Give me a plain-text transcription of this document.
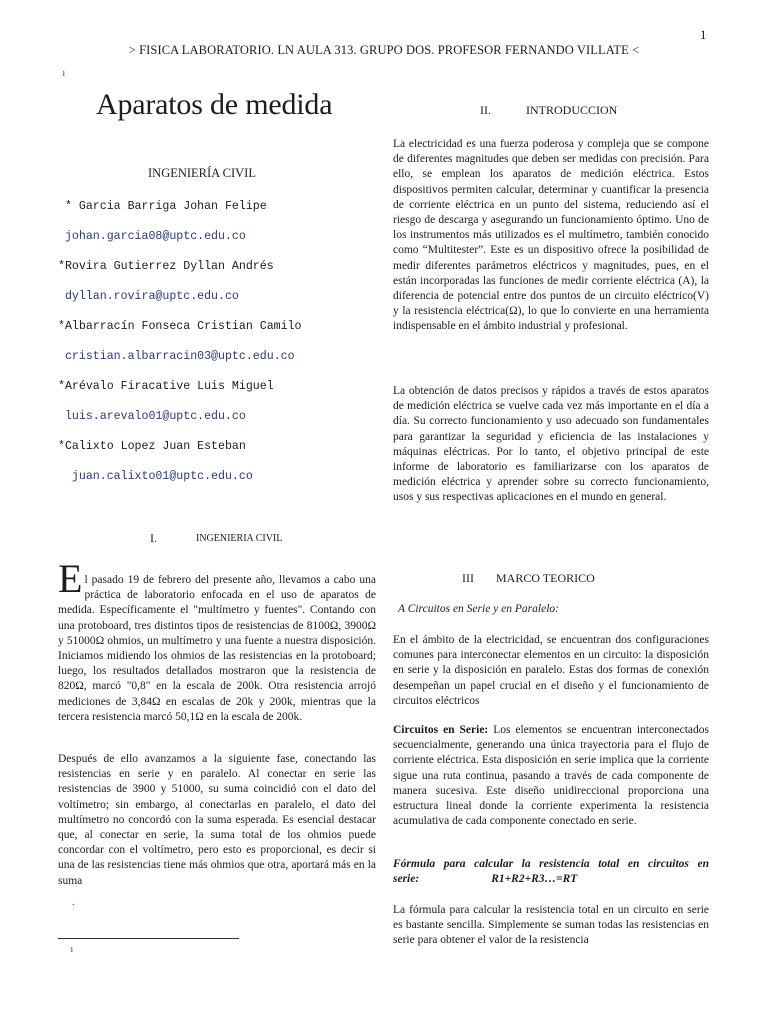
1
> FISICA LABORATORIO. LN AULA 313. GRUPO DOS. PROFESOR FERNANDO VILLATE <
1
Aparatos de medida
INGENIERÍA CIVIL
* Garcia Barriga Johan Felipe
johan.garcia08@uptc.edu.co
*Rovira Gutierrez Dyllan Andrés
dyllan.rovira@uptc.edu.co
*Albarracín Fonseca Cristian Camilo
cristian.albarracin03@uptc.edu.co
*Arévalo Firacative Luis Miguel
luis.arevalo01@uptc.edu.co
*Calixto Lopez Juan Esteban
juan.calixto01@uptc.edu.co
I.	INGENIERIA CIVIL

E l pasado 19 de febrero del presente año, llevamos a cabo una práctica de laboratorio enfocada en el uso de aparatos de medida. Específicamente el "multímetro y fuentes". Contando con una protoboard, tres distintos tipos de resistencias de 8100Ω, 3900Ω y 51000Ω ohmios, un multímetro y una fuente a nuestra disposición. Iniciamos midiendo los ohmios de las resistencias en la protoboard; luego, los resultados detallados mostraron que la resistencia de 820Ω, marcó "0,8" en la escala de 200k. Otra resistencia arrojó mediciones de 3,84Ω en escalas de 20k y 200k, mientras que la tercera resistencia marcó 50,1Ω en la escala de 200k.

Después de ello avanzamos a la siguiente fase, conectando las resistencias en serie y en paralelo. Al conectar en serie las resistencias de 3900 y 51000, su suma coincidió con el dato del voltímetro; sin embargo, al conectarlas en paralelo, el dato del multímetro no concordó con la suma esperada. Es esencial destacar que, al conectar en serie, la suma total de los ohmios puede concordar con el voltímetro, pero esto es proporcional, es decir si una de las resistencias tiene más ohmios que otra, aportará más en la suma

.
1
II.	INTRODUCCION

La electricidad es una fuerza poderosa y compleja que se compone de diferentes magnitudes que deben ser medidas con precisión. Para ello, se emplean los aparatos de medición eléctrica. Estos dispositivos permiten calcular, determinar y cuantificar la presencia de corriente eléctrica en un punto del sistema, reduciendo así el riesgo de descarga y asegurando un funcionamiento óptimo. Uno de los instrumentos más utilizados es el multímetro, también conocido como “Multitester”. Este es un dispositivo ofrece la posibilidad de medir diferentes parámetros eléctricos y magnitudes, pues, en el están incorporadas las funciones de medir corriente eléctrica (A), la diferencia de potencial entre dos puntos de un circuito eléctrico(V) y la resistencia eléctrica(Ω), lo que lo convierte en una herramienta indispensable en el ámbito industrial y profesional.

La obtención de datos precisos y rápidos a través de estos aparatos de medición eléctrica se vuelve cada vez más importante en el día a día. Su correcto funcionamiento y uso adecuado son fundamentales para garantizar la seguridad y eficiencia de las instalaciones y máquinas eléctricas. Por lo tanto, el objetivo principal de este informe de laboratorio es familiarizarse con los aparatos de medición eléctrica y aprender sobre su correcto funcionamiento, usos y sus respectivas aplicaciones en el mundo en general.

III MARCO TEORICO
A Circuitos en Serie y en Paralelo:

En el ámbito de la electricidad, se encuentran dos configuraciones comunes para interconectar elementos en un circuito: la disposición en serie y la disposición en paralelo. Estas dos formas de conexión desempeñan un papel crucial en el diseño y el funcionamiento de circuitos eléctricos

Circuitos en Serie: Los elementos se encuentran interconectados secuencialmente, generando una única trayectoria para el flujo de corriente eléctrica. Esta disposición en serie implica que la corriente sigue una ruta continua, pasando a través de cada componente de manera sucesiva. Este diseño unidireccional proporciona una estructura lineal donde la corriente experimenta la resistencia acumulativa de cada componente conectado en serie.

Fórmula para calcular la resistencia total en circuitos en serie:	R1+R2+R3…=RT

La fórmula para calcular la resistencia total en un circuito en serie es bastante sencilla. Simplemente se suman todas las resistencias en serie para obtener el valor de la resistencia
